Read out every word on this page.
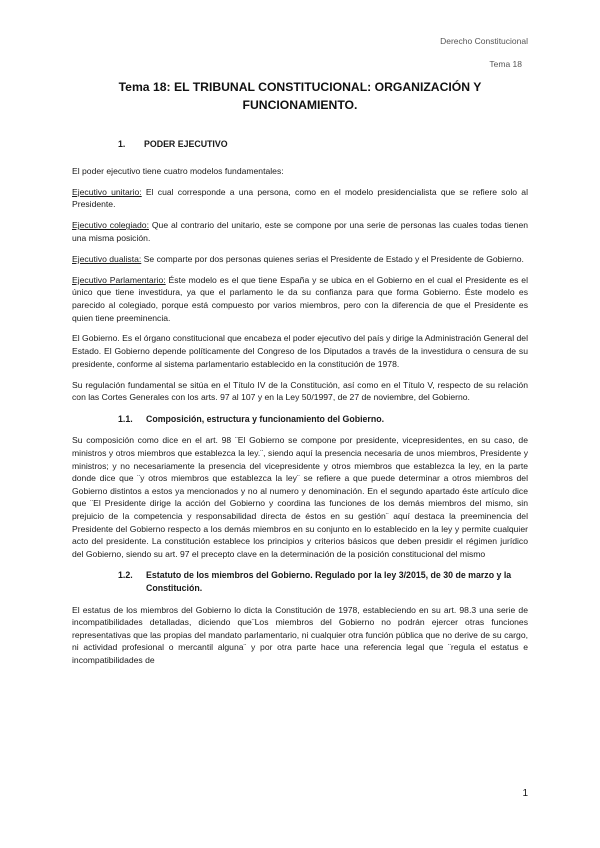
Derecho Constitucional
Tema 18
Tema 18: EL TRIBUNAL CONSTITUCIONAL: ORGANIZACIÓN Y FUNCIONAMIENTO.
1. PODER EJECUTIVO

El poder ejecutivo tiene cuatro modelos fundamentales:

Ejecutivo unitario: El cual corresponde a una persona, como en el modelo presidencialista que se refiere solo al Presidente.

Ejecutivo colegiado: Que al contrario del unitario, este se compone por una serie de personas las cuales todas tienen una misma posición.

Ejecutivo dualista: Se comparte por dos personas quienes serias el Presidente de Estado y el Presidente de Gobierno.

Ejecutivo Parlamentario: Éste modelo es el que tiene España y se ubica en el Gobierno en el cual el Presidente es el único que tiene investidura, ya que el parlamento le da su confianza para que forma Gobierno. Éste modelo es parecido al colegiado, porque está compuesto por varios miembros, pero con la diferencia de que el Presidente es quien tiene preeminencia.

El Gobierno. Es el órgano constitucional que encabeza el poder ejecutivo del país y dirige la Administración General del Estado. El Gobierno depende políticamente del Congreso de los Diputados a través de la investidura o censura de su presidente, conforme al sistema parlamentario establecido en la constitución de 1978.

Su regulación fundamental se sitúa en el Título IV de la Constitución, así como en el Título V, respecto de su relación con las Cortes Generales con los arts. 97 al 107 y en la Ley 50/1997, de 27 de noviembre, del Gobierno.

1.1.	Composición, estructura y funcionamiento del Gobierno.

Su composición como dice en el art. 98 ¨El Gobierno se compone por presidente, vicepresidentes, en su caso, de ministros y otros miembros que establezca la ley.¨, siendo aquí la presencia necesaria de unos miembros, Presidente y ministros; y no necesariamente la presencia del vicepresidente y otros miembros que establezca la ley, en la parte donde dice que ¨y otros miembros que establezca la ley¨ se refiere a que puede determinar a otros miembros del Gobierno distintos a estos ya mencionados y no al numero y denominación. En el segundo apartado éste artículo dice que ¨El Presidente dirige la acción del Gobierno y coordina las funciones de los demás miembros del mismo, sin prejuicio de la competencia y responsabilidad directa de éstos en su gestión¨ aquí destaca la preeminencia del Presidente del Gobierno respecto a los demás miembros en su conjunto en lo establecido en la ley y permite cualquier acto del presidente. La constitución establece los principios y criterios básicos que deben presidir el régimen jurídico del Gobierno, siendo su art. 97 el precepto clave en la determinación de la posición constitucional del mismo

1.2.	Estatuto de los miembros del Gobierno. Regulado por la ley 3/2015, de 30 de marzo y la Constitución.

El estatus de los miembros del Gobierno lo dicta la Constitución de 1978, estableciendo en su art. 98.3 una serie de incompatibilidades detalladas, diciendo que¨Los miembros del Gobierno no podrán ejercer otras funciones representativas que las propias del mandato parlamentario, ni cualquier otra función pública que no derive de su cargo, ni actividad profesional o mercantil alguna¨ y por otra parte hace una referencia legal que ¨regula el estatus e incompatibilidades de

1
